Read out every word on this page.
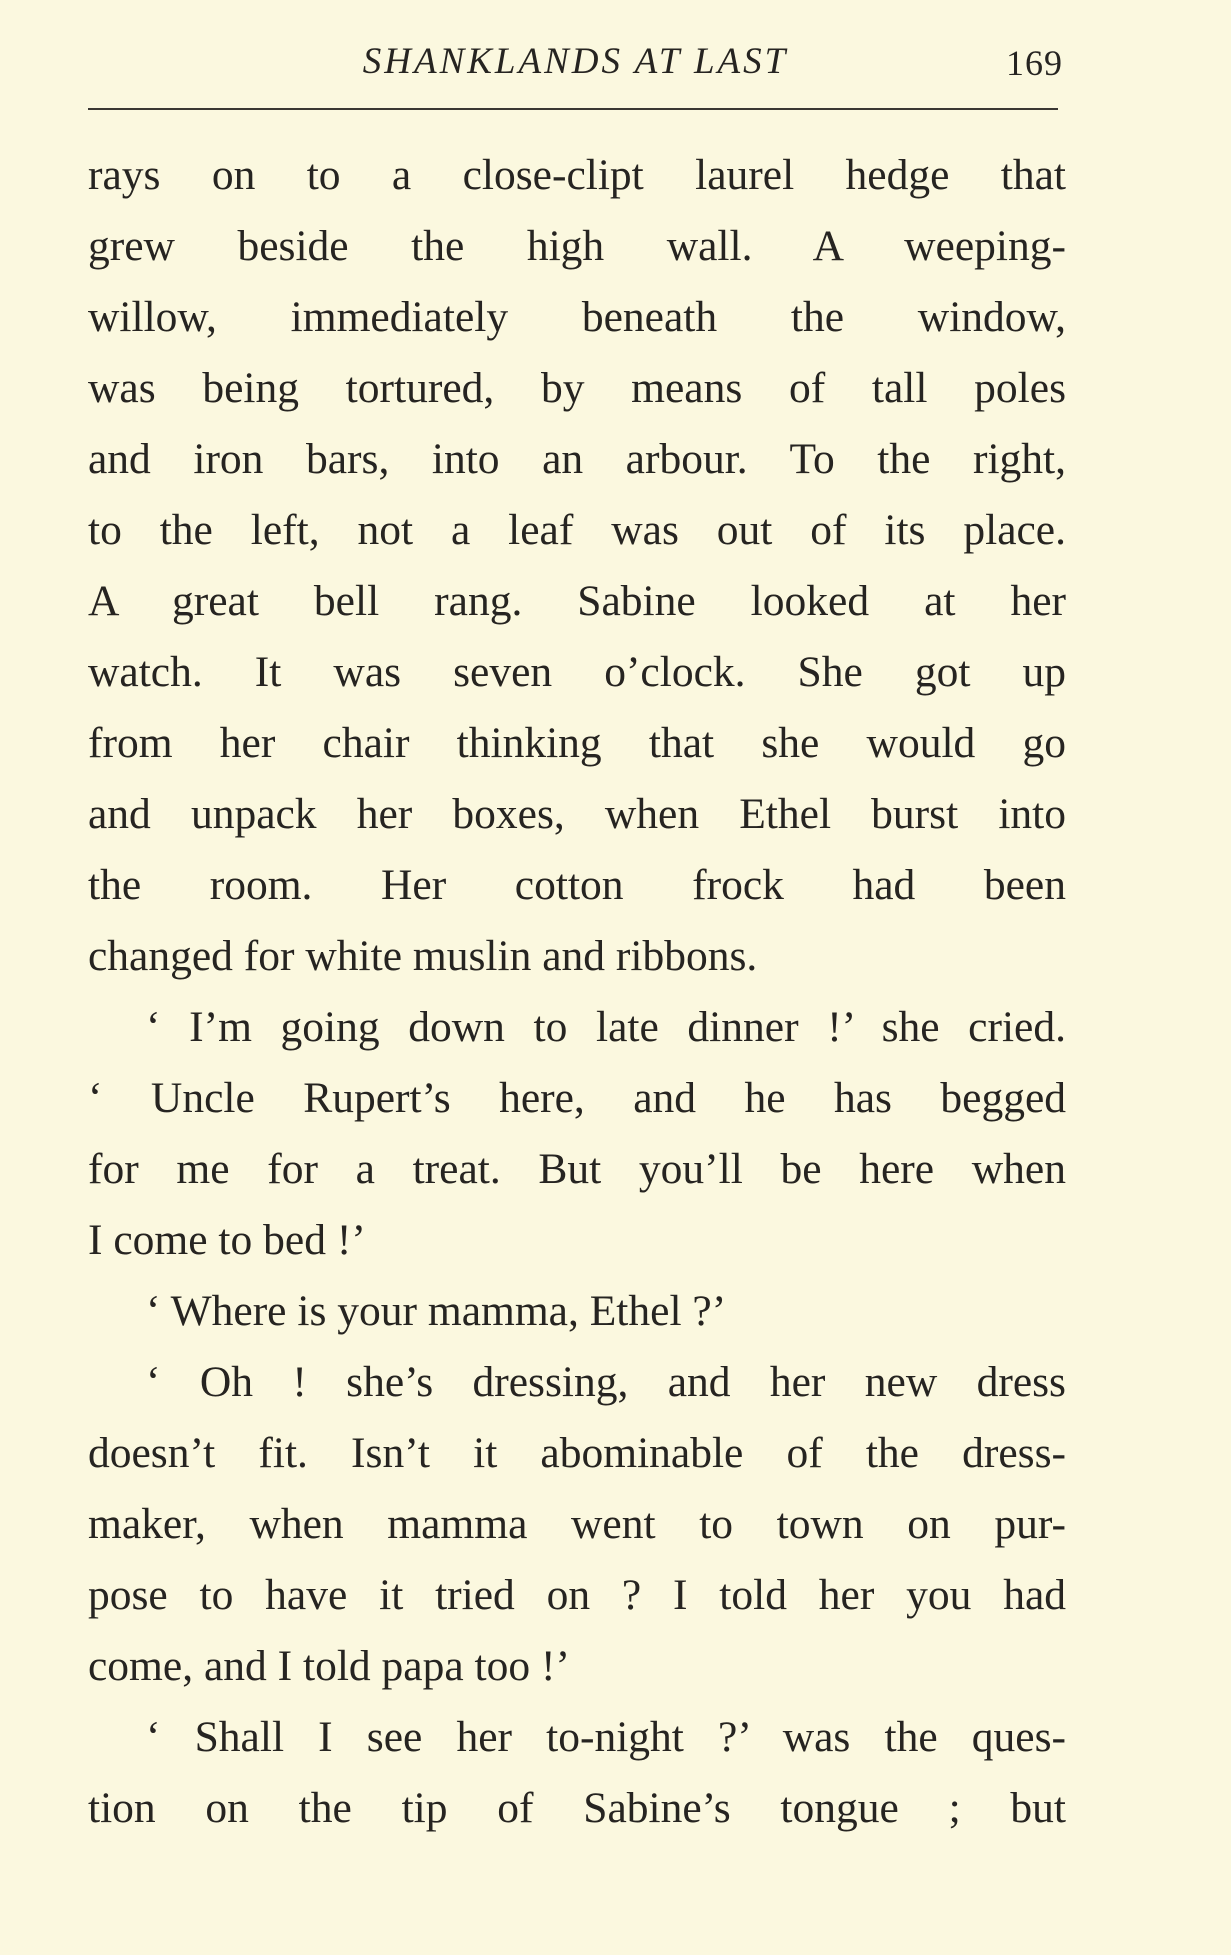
SHANKLANDS AT LAST	169
rays on to a close-clipt laurel hedge that
grew beside the high wall. A weeping-
willow, immediately beneath the window,
was being tortured, by means of tall poles
and iron bars, into an arbour. To the right,
to the left, not a leaf was out of its place.
A great bell rang. Sabine looked at her
watch. It was seven o’clock. She got up
from her chair thinking that she would go
and unpack her boxes, when Ethel burst into
the room. Her cotton frock had been
changed for white muslin and ribbons.
‘ I’m going down to late dinner !’ she cried.
‘ Uncle Rupert’s here, and he has begged
for me for a treat. But you’ll be here when
I come to bed !’
‘ Where is your mamma, Ethel ?’
‘ Oh ! she’s dressing, and her new dress
doesn’t fit. Isn’t it abominable of the dress-
maker, when mamma went to town on pur-
pose to have it tried on ? I told her you had
come, and I told papa too !’
‘ Shall I see her to-night ?’ was the ques-
tion on the tip of Sabine’s tongue ; but
